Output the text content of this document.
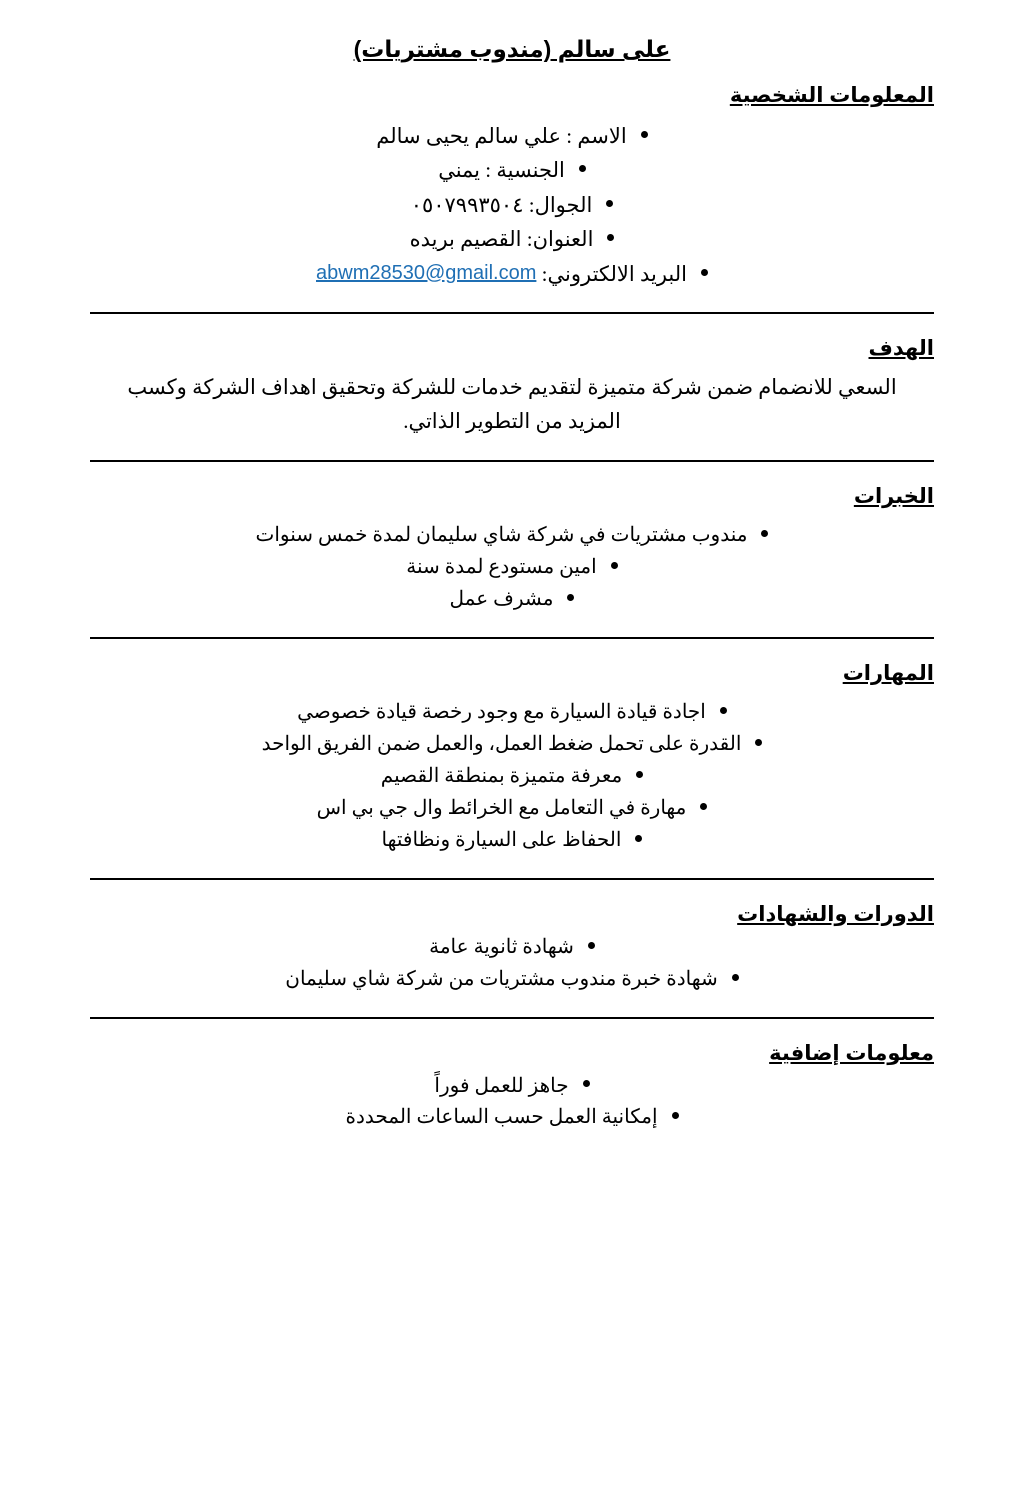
على سالم (مندوب مشتريات)
المعلومات الشخصية
الاسم : علي سالم يحيى سالم
الجنسية : يمني
الجوال: ٠٥٠٧٩٩٣٥٠٤
العنوان: القصيم بريده
البريد الالكتروني: abwm28530@gmail.com
الهدف
السعي للانضمام ضمن شركة متميزة لتقديم خدمات للشركة وتحقيق اهداف الشركة وكسب المزيد من التطوير الذاتي.
الخبرات
مندوب مشتريات في شركة شاي سليمان لمدة خمس سنوات
امين مستودع لمدة سنة
مشرف عمل
المهارات
اجادة قيادة السيارة مع وجود رخصة قيادة خصوصي
القدرة على تحمل ضغط العمل، والعمل ضمن الفريق الواحد
معرفة متميزة بمنطقة القصيم
مهارة في التعامل مع الخرائط وال جي بي اس
الحفاظ على السيارة ونظافتها
الدورات والشهادات
شهادة ثانوية عامة
شهادة خبرة مندوب مشتريات من شركة شاي سليمان
معلومات إضافية
جاهز للعمل فوراً
إمكانية العمل حسب الساعات المحددة
